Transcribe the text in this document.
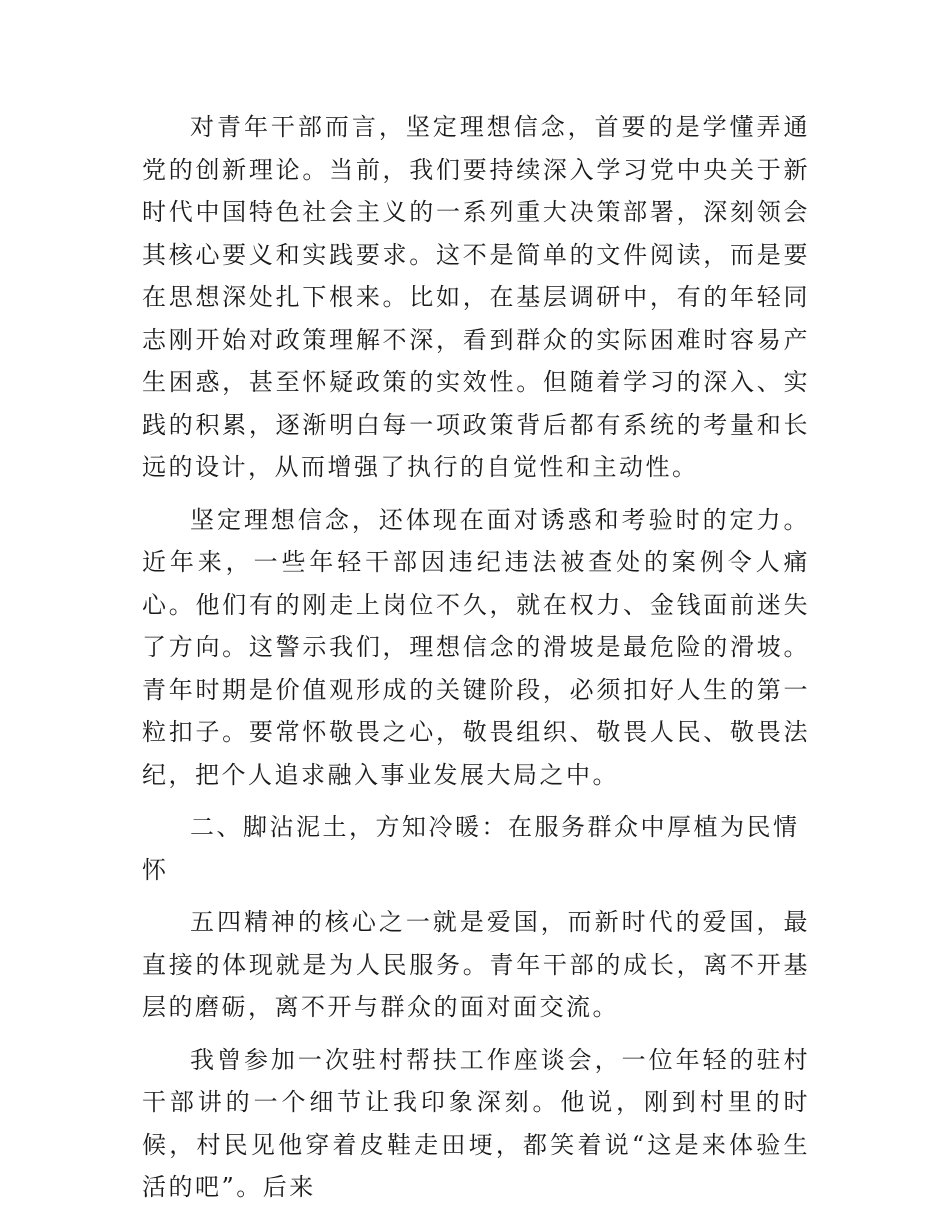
对青年干部而言，坚定理想信念，首要的是学懂弄通党的创新理论。当前，我们要持续深入学习党中央关于新时代中国特色社会主义的一系列重大决策部署，深刻领会其核心要义和实践要求。这不是简单的文件阅读，而是要在思想深处扎下根来。比如，在基层调研中，有的年轻同志刚开始对政策理解不深，看到群众的实际困难时容易产生困惑，甚至怀疑政策的实效性。但随着学习的深入、实践的积累，逐渐明白每一项政策背后都有系统的考量和长远的设计，从而增强了执行的自觉性和主动性。

坚定理想信念，还体现在面对诱惑和考验时的定力。近年来，一些年轻干部因违纪违法被查处的案例令人痛心。他们有的刚走上岗位不久，就在权力、金钱面前迷失了方向。这警示我们，理想信念的滑坡是最危险的滑坡。青年时期是价值观形成的关键阶段，必须扣好人生的第一粒扣子。要常怀敬畏之心，敬畏组织、敬畏人民、敬畏法纪，把个人追求融入事业发展大局之中。

二、脚沾泥土，方知冷暖：在服务群众中厚植为民情怀

五四精神的核心之一就是爱国，而新时代的爱国，最直接的体现就是为人民服务。青年干部的成长，离不开基层的磨砺，离不开与群众的面对面交流。

我曾参加一次驻村帮扶工作座谈会，一位年轻的驻村干部讲的一个细节让我印象深刻。他说，刚到村里的时候，村民见他穿着皮鞋走田埂，都笑着说“这是来体验生活的吧”。后来
